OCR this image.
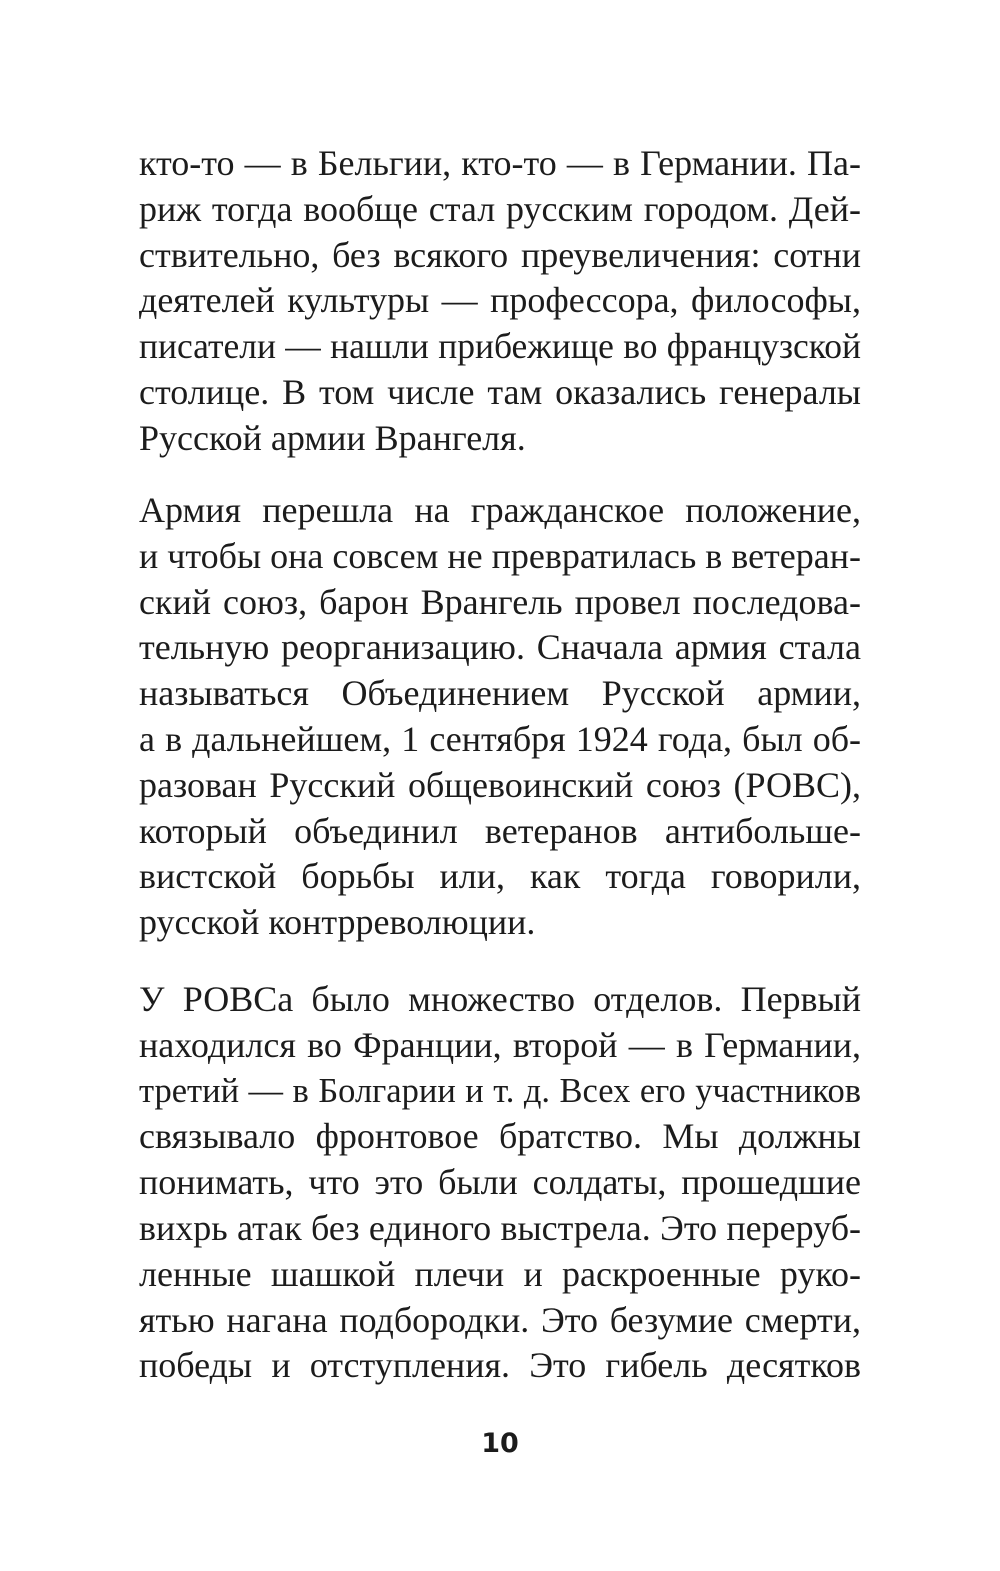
кто-то — в Бельгии, кто-то — в Германии. Па-
риж тогда вообще стал русским городом. Дей-
ствительно, без всякого преувеличения: сотни
деятелей культуры — профессора, философы,
писатели — нашли прибежище во французской
столице. В том числе там оказались генералы
Русской армии Врангеля.
Армия перешла на гражданское положение,
и чтобы она совсем не превратилась в ветеран-
ский союз, барон Врангель провел последова-
тельную реорганизацию. Сначала армия стала
называться Объединением Русской армии,
а в дальнейшем, 1 сентября 1924 года, был об-
разован Русский общевоинский союз (РОВС),
который объединил ветеранов антибольше-
вистской борьбы или, как тогда говорили,
русской контрреволюции.
У РОВСа было множество отделов. Первый
находился во Франции, второй — в Германии,
третий — в Болгарии и т. д. Всех его участников
связывало фронтовое братство. Мы должны
понимать, что это были солдаты, прошедшие
вихрь атак без единого выстрела. Это переруб-
ленные шашкой плечи и раскроенные руко-
ятью нагана подбородки. Это безумие смерти,
победы и отступления. Это гибель десятков
10
